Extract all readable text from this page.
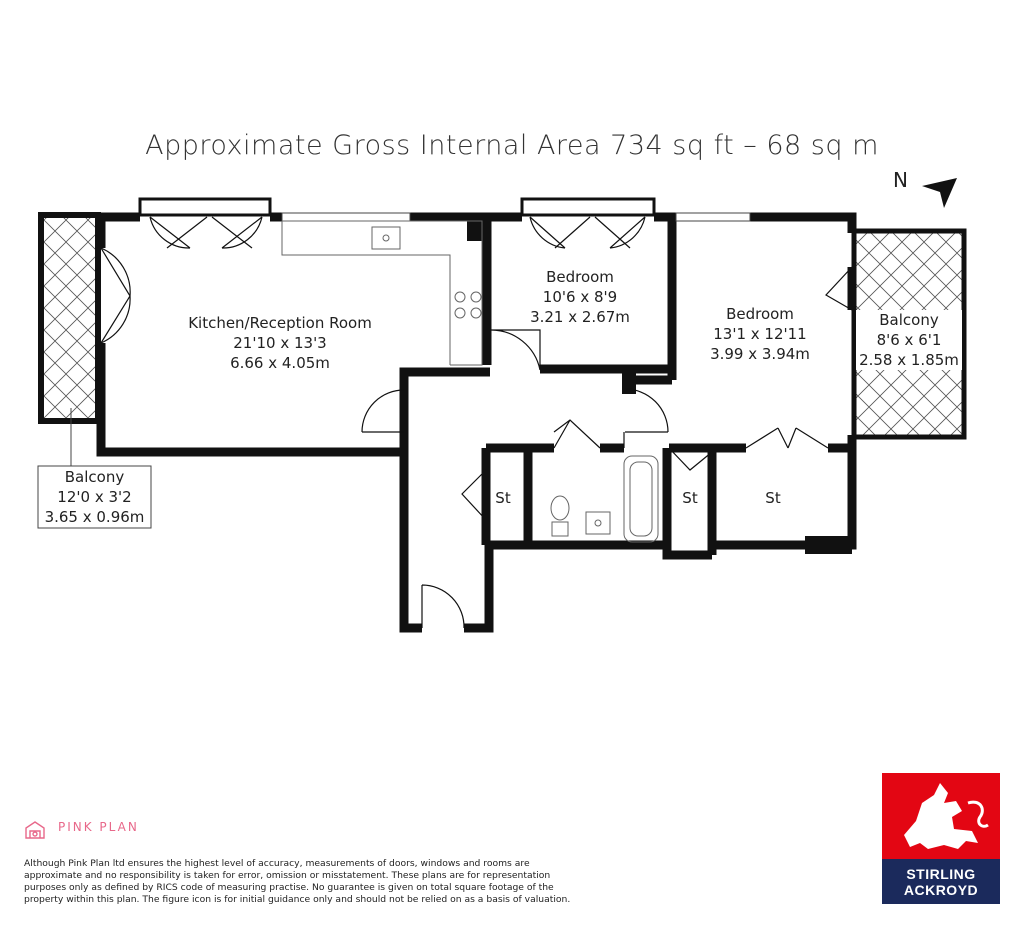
Approximate Gross Internal Area 734 sq ft – 68 sq m
N
Kitchen/Reception Room
21'10 x 13'3
6.66 x 4.05m
Bedroom
10'6 x 8'9
3.21 x 2.67m	Bedroom
13'1 x 12'11
3.99 x 3.94m
Balcony
8'6 x 6'1
2.58 x 1.85m
Balcony
12'0 x 3'2
3.65 x 0.96m
St	St	St
PINK PLAN
Although Pink Plan ltd ensures the highest level of accuracy, measurements of doors, windows and rooms are approximate and no responsibility is taken for error, omission or misstatement. These plans are for representation purposes only as defined by RICS code of measuring practise. No guarantee is given on total square footage of the property within this plan. The figure icon is for initial guidance only and should not be relied on as a basis of valuation.
STIRLING
ACKROYD
